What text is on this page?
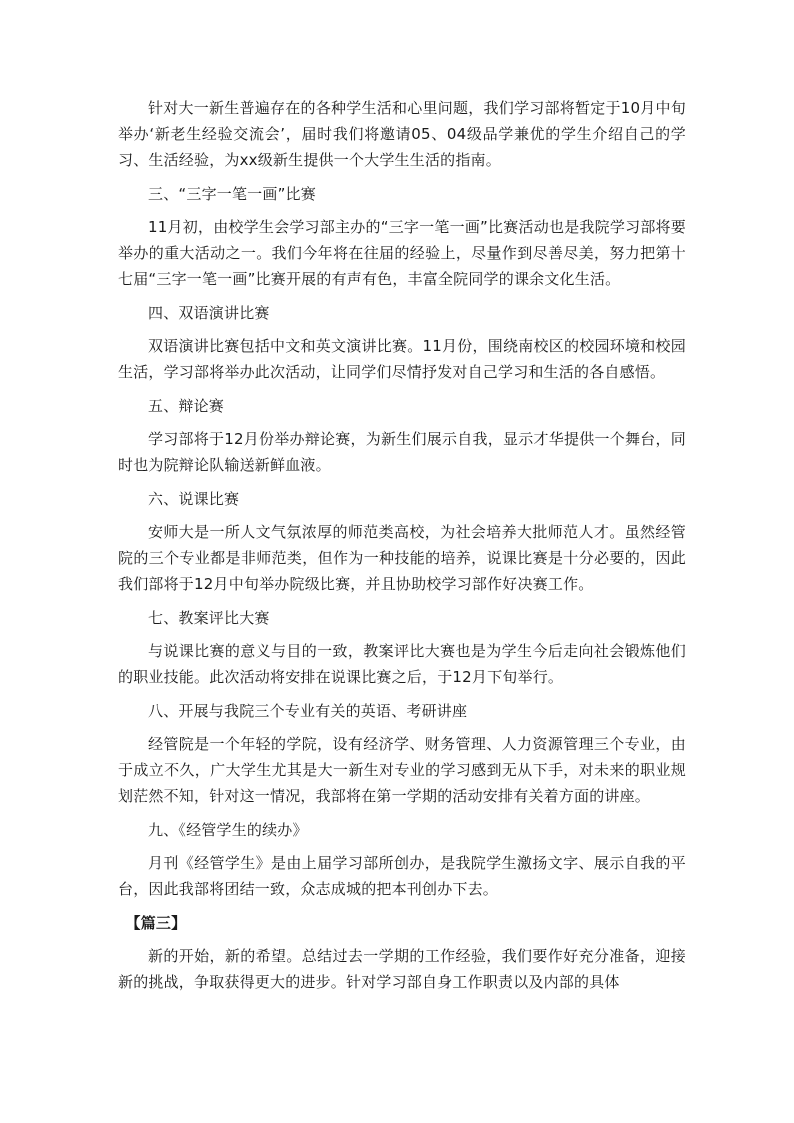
针对大一新生普遍存在的各种学生活和心里问题，我们学习部将暂定于10月中旬举办‘新老生经验交流会’，届时我们将邀请05、04级品学兼优的学生介绍自己的学习、生活经验，为xx级新生提供一个大学生生活的指南。

三、“三字一笔一画”比赛

11月初，由校学生会学习部主办的“三字一笔一画”比赛活动也是我院学习部将要举办的重大活动之一。我们今年将在往届的经验上，尽量作到尽善尽美，努力把第十七届“三字一笔一画”比赛开展的有声有色，丰富全院同学的课余文化生活。

四、双语演讲比赛

双语演讲比赛包括中文和英文演讲比赛。11月份，围绕南校区的校园环境和校园生活，学习部将举办此次活动，让同学们尽情抒发对自己学习和生活的各自感悟。

五、辩论赛

学习部将于12月份举办辩论赛，为新生们展示自我，显示才华提供一个舞台，同时也为院辩论队输送新鲜血液。

六、说课比赛

安师大是一所人文气氛浓厚的师范类高校，为社会培养大批师范人才。虽然经管院的三个专业都是非师范类，但作为一种技能的培养，说课比赛是十分必要的，因此我们部将于12月中旬举办院级比赛，并且协助校学习部作好决赛工作。

七、教案评比大赛

与说课比赛的意义与目的一致，教案评比大赛也是为学生今后走向社会锻炼他们的职业技能。此次活动将安排在说课比赛之后，于12月下旬举行。

八、开展与我院三个专业有关的英语、考研讲座

经管院是一个年轻的学院，设有经济学、财务管理、人力资源管理三个专业，由于成立不久，广大学生尤其是大一新生对专业的学习感到无从下手，对未来的职业规划茫然不知，针对这一情况，我部将在第一学期的活动安排有关着方面的讲座。

九、《经管学生的续办》

月刊《经管学生》是由上届学习部所创办，是我院学生激扬文字、展示自我的平台，因此我部将团结一致，众志成城的把本刊创办下去。

【篇三】

新的开始，新的希望。总结过去一学期的工作经验，我们要作好充分准备，迎接新的挑战，争取获得更大的进步。针对学习部自身工作职责以及内部的具体
